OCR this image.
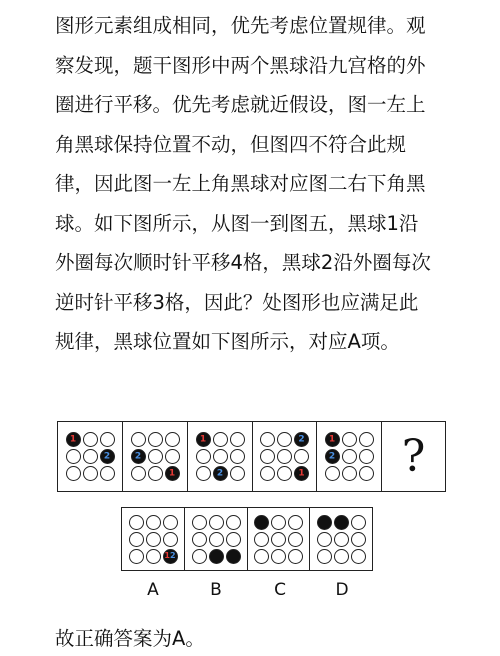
图形元素组成相同，优先考虑位置规律。观
察发现，题干图形中两个黑球沿九宫格的外
圈进行平移。优先考虑就近假设，图一左上
角黑球保持位置不动，但图四不符合此规
律，因此图一左上角黑球对应图二右下角黑
球。如下图所示，从图一到图五，黑球1沿
外圈每次顺时针平移4格，黑球2沿外圈每次
逆时针平移3格，因此？处图形也应满足此
规律，黑球位置如下图所示，对应A项。
1
2	2
1
1
2
2
1
1
2 ?
12
A	B	C	D

故正确答案为A。
